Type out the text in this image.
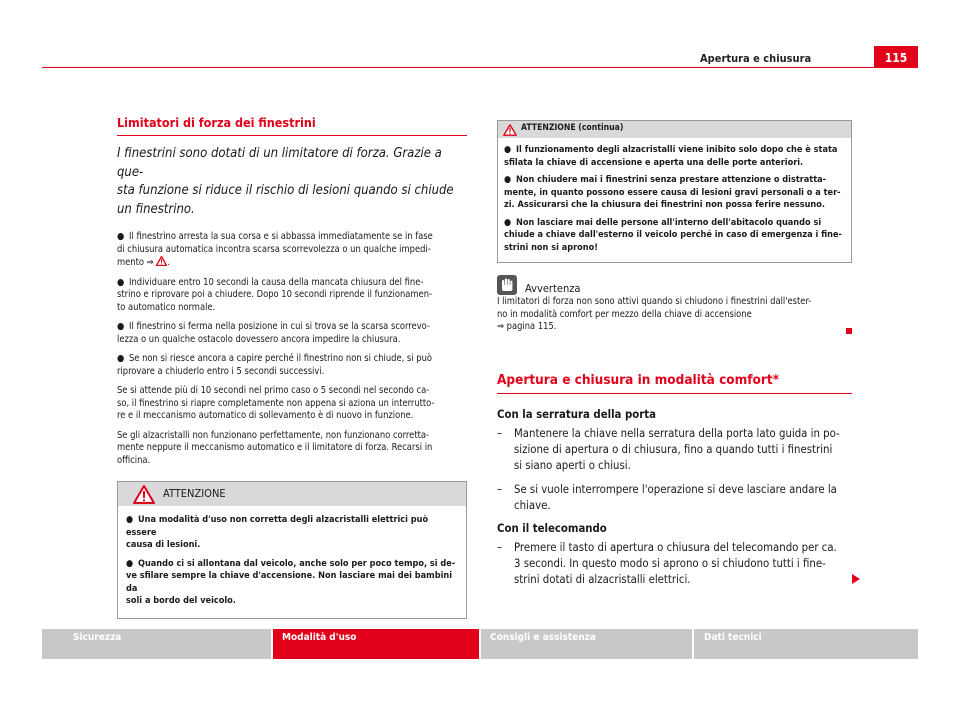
Apertura e chiusura	115
Limitatori di forza dei finestrini
I finestrini sono dotati di un limitatore di forza. Grazie a que-
sta funzione si riduce il rischio di lesioni quando si chiude
un finestrino.

● Il finestrino arresta la sua corsa e si abbassa immediatamente se in fase
di chiusura automatica incontra scarsa scorrevolezza o un qualche impedi-
mento ⇒ .

● Individuare entro 10 secondi la causa della mancata chiusura del fine-
strino e riprovare poi a chiudere. Dopo 10 secondi riprende il funzionamen-
to automatico normale.

● Il finestrino si ferma nella posizione in cui si trova se la scarsa scorrevo-
lezza o un qualche ostacolo dovessero ancora impedire la chiusura.

● Se non si riesce ancora a capire perché il finestrino non si chiude, si può
riprovare a chiuderlo entro i 5 secondi successivi.

Se si attende più di 10 secondi nel primo caso o 5 secondi nel secondo ca-
so, il finestrino si riapre completamente non appena si aziona un interrutto-
re e il meccanismo automatico di sollevamento è di nuovo in funzione.

Se gli alzacristalli non funzionano perfettamente, non funzionano corretta-
mente neppure il meccanismo automatico e il limitatore di forza. Recarsi in
officina.

ATTENZIONE

● Una modalità d'uso non corretta degli alzacristalli elettrici può essere
causa di lesioni.

● Quando ci si allontana dal veicolo, anche solo per poco tempo, si de-
ve sfilare sempre la chiave d'accensione. Non lasciare mai dei bambini da
soli a bordo del veicolo.

ATTENZIONE (continua)

● Il funzionamento degli alzacristalli viene inibito solo dopo che è stata
sfilata la chiave di accensione e aperta una delle porte anteriori.

● Non chiudere mai i finestrini senza prestare attenzione o distratta-
mente, in quanto possono essere causa di lesioni gravi personali o a ter-
zi. Assicurarsi che la chiusura dei finestrini non possa ferire nessuno.

● Non lasciare mai delle persone all'interno dell'abitacolo quando si
chiude a chiave dall'esterno il veicolo perché in caso di emergenza i fine-
strini non si aprono!

Avvertenza
I limitatori di forza non sono attivi quando si chiudono i finestrini dall'ester-
no in modalità comfort per mezzo della chiave di accensione
⇒ pagina 115.
Apertura e chiusura in modalità comfort*
Con la serratura della porta
–	Mantenere la chiave nella serratura della porta lato guida in po-
sizione di apertura o di chiusura, fino a quando tutti i finestrini
si siano aperti o chiusi.
–	Se si vuole interrompere l'operazione si deve lasciare andare la
chiave.
Con il telecomando
–	Premere il tasto di apertura o chiusura del telecomando per ca.
3 secondi. In questo modo si aprono o si chiudono tutti i fine-
strini dotati di alzacristalli elettrici.
Sicurezza	Modalità d'uso	Consigli e assistenza	Dati tecnici
